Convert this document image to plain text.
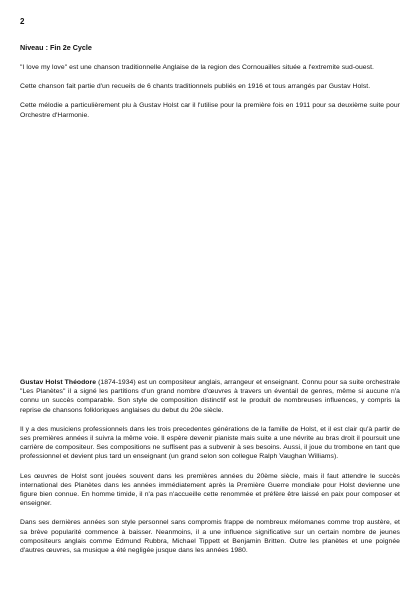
2

Niveau : Fin 2e Cycle

"I love my love" est une chanson traditionnelle Anglaise de la region des Cornouailles située a l'extremite sud-ouest.

Cette chanson fait partie d'un recueils de 6 chants traditionnels publiés en 1916 et tous arrangés par Gustav Holst.

Cette mélodie a particulièrement plu à Gustav Holst car il l'utilise pour la première fois en 1911 pour sa deuxième suite pour Orchestre d'Harmonie.

Gustav Holst Théodore (1874-1934) est un compositeur anglais, arrangeur et enseignant. Connu pour sa suite orchestrale "Les Planètes" il a signé les partitions d'un grand nombre d'œuvres à travers un éventail de genres, même si aucune n'a connu un succès comparable. Son style de composition distinctif est le produit de nombreuses influences, y compris la reprise de chansons folkloriques anglaises du debut du 20e siècle.

Il y a des musiciens professionnels dans les trois precedentes générations de la famille de Holst, et il est clair qu'à partir de ses premières années il suivra la même voie. Il espère devenir pianiste mais suite a une névrite au bras droit il poursuit une carrière de compositeur. Ses compositions ne suffisent pas a subvenir à ses besoins. Aussi, il joue du trombone en tant que professionnel et devient plus tard un enseignant (un grand selon son collegue Ralph Vaughan Williams).

Les œuvres de Holst sont jouées souvent dans les premières années du 20ème siècle, mais il faut attendre le succès international des Planètes dans les années immédiatement après la Première Guerre mondiale pour Holst devienne une figure bien connue. En homme timide, il n'a pas n'accueille cette renommée et préfère être laissé en paix pour composer et enseigner.

Dans ses dernières années son style personnel sans compromis frappe de nombreux mélomanes comme trop austère, et sa brève popularité commence à baisser. Neanmoins, il a une influence significative sur un certain nombre de jeunes compositeurs anglais comme Edmund Rubbra, Michael Tippett et Benjamin Britten. Outre les planètes et une poignée d'autres œuvres, sa musique a été negligée jusque dans les années 1980.
